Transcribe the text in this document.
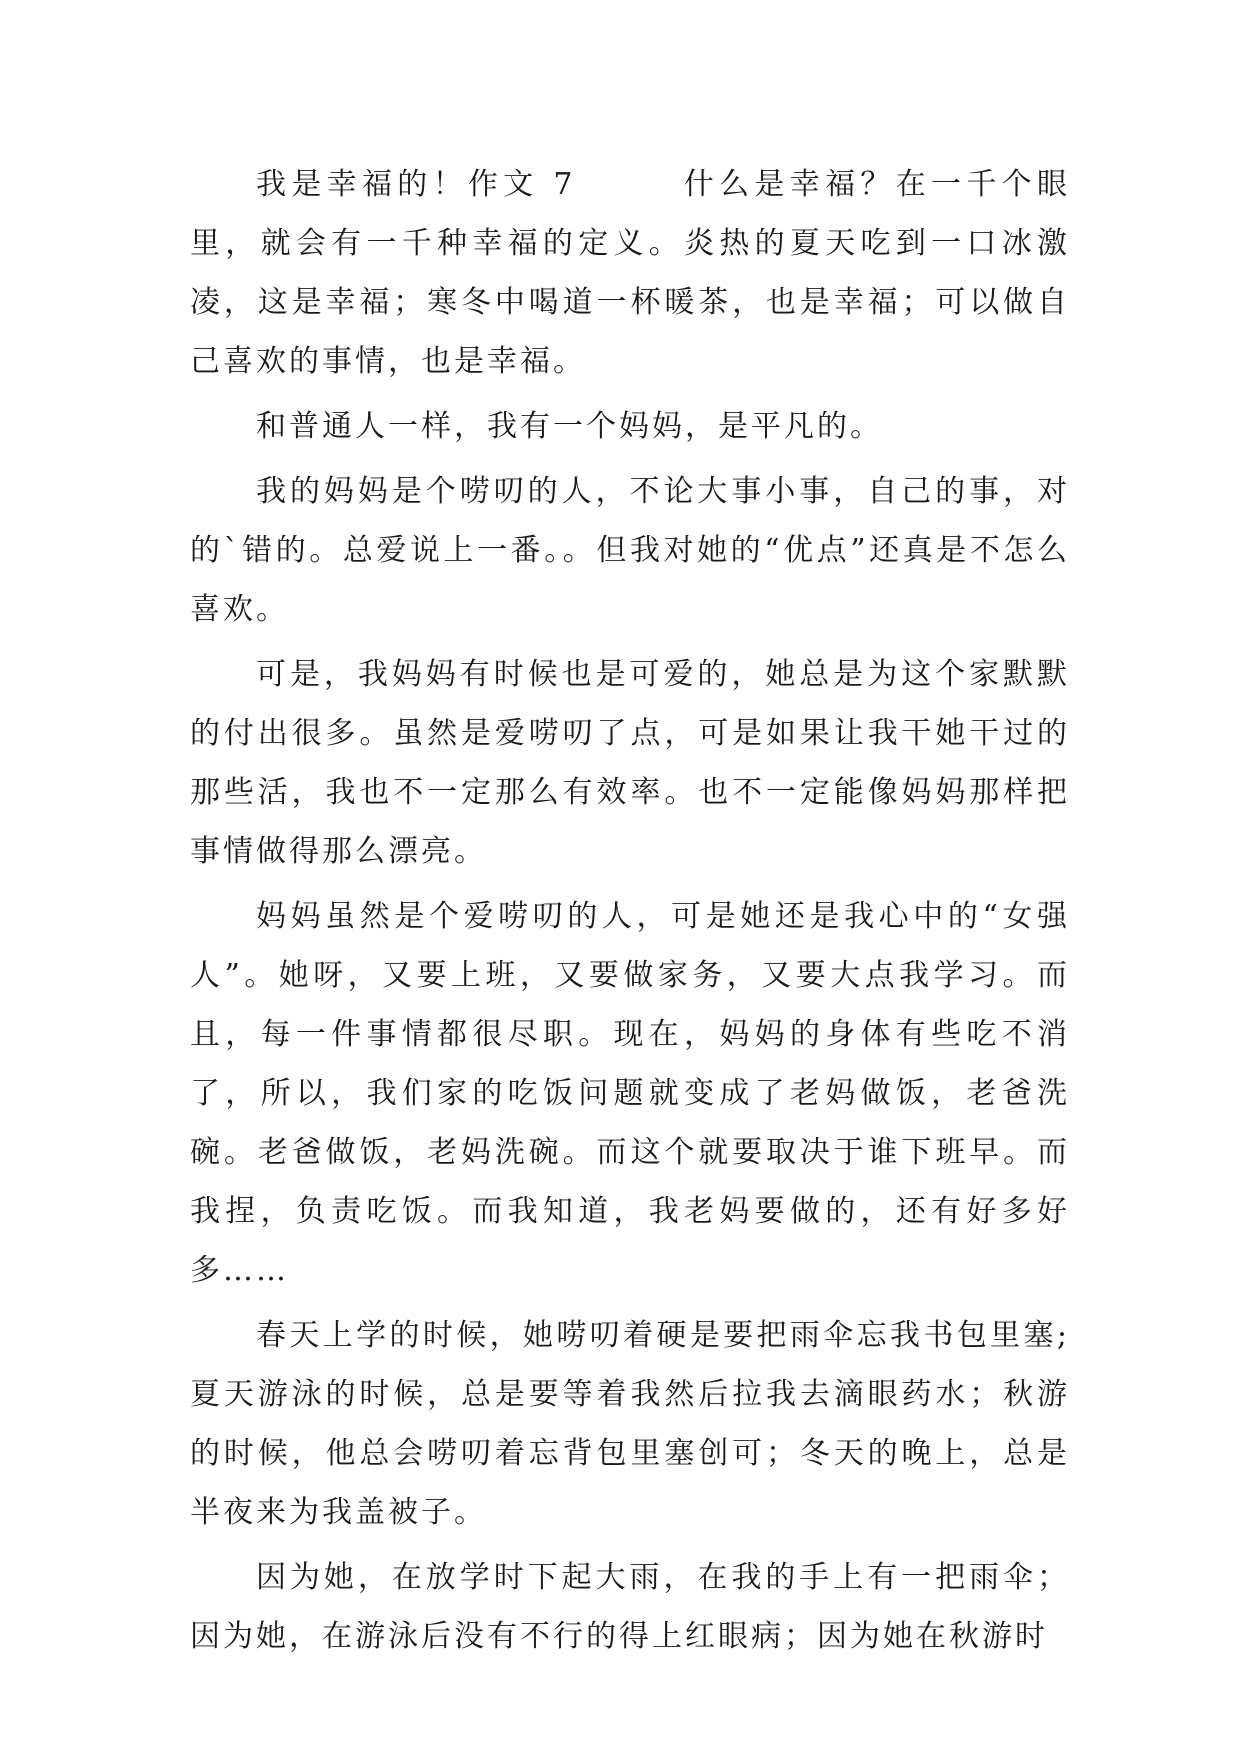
我是幸福的！作文 7　　　什么是幸福？在一千个眼里，就会有一千种幸福的定义。炎热的夏天吃到一口冰激凌，这是幸福；寒冬中喝道一杯暖茶，也是幸福；可以做自己喜欢的事情，也是幸福。

和普通人一样，我有一个妈妈，是平凡的。

我的妈妈是个唠叨的人，不论大事小事，自己的事，对的`错的。总爱说上一番。。但我对她的“优点”还真是不怎么喜欢。

可是，我妈妈有时候也是可爱的，她总是为这个家默默的付出很多。虽然是爱唠叨了点，可是如果让我干她干过的那些活，我也不一定那么有效率。也不一定能像妈妈那样把事情做得那么漂亮。

妈妈虽然是个爱唠叨的人，可是她还是我心中的“女强人”。她呀，又要上班，又要做家务，又要大点我学习。而且，每一件事情都很尽职。现在，妈妈的身体有些吃不消了，所以，我们家的吃饭问题就变成了老妈做饭，老爸洗碗。老爸做饭，老妈洗碗。而这个就要取决于谁下班早。而我捏，负责吃饭。而我知道，我老妈要做的，还有好多好多……

春天上学的时候，她唠叨着硬是要把雨伞忘我书包里塞;夏天游泳的时候，总是要等着我然后拉我去滴眼药水；秋游的时候，他总会唠叨着忘背包里塞创可；冬天的晚上，总是半夜来为我盖被子。

因为她，在放学时下起大雨，在我的手上有一把雨伞；因为她，在游泳后没有不行的得上红眼病；因为她在秋游时
